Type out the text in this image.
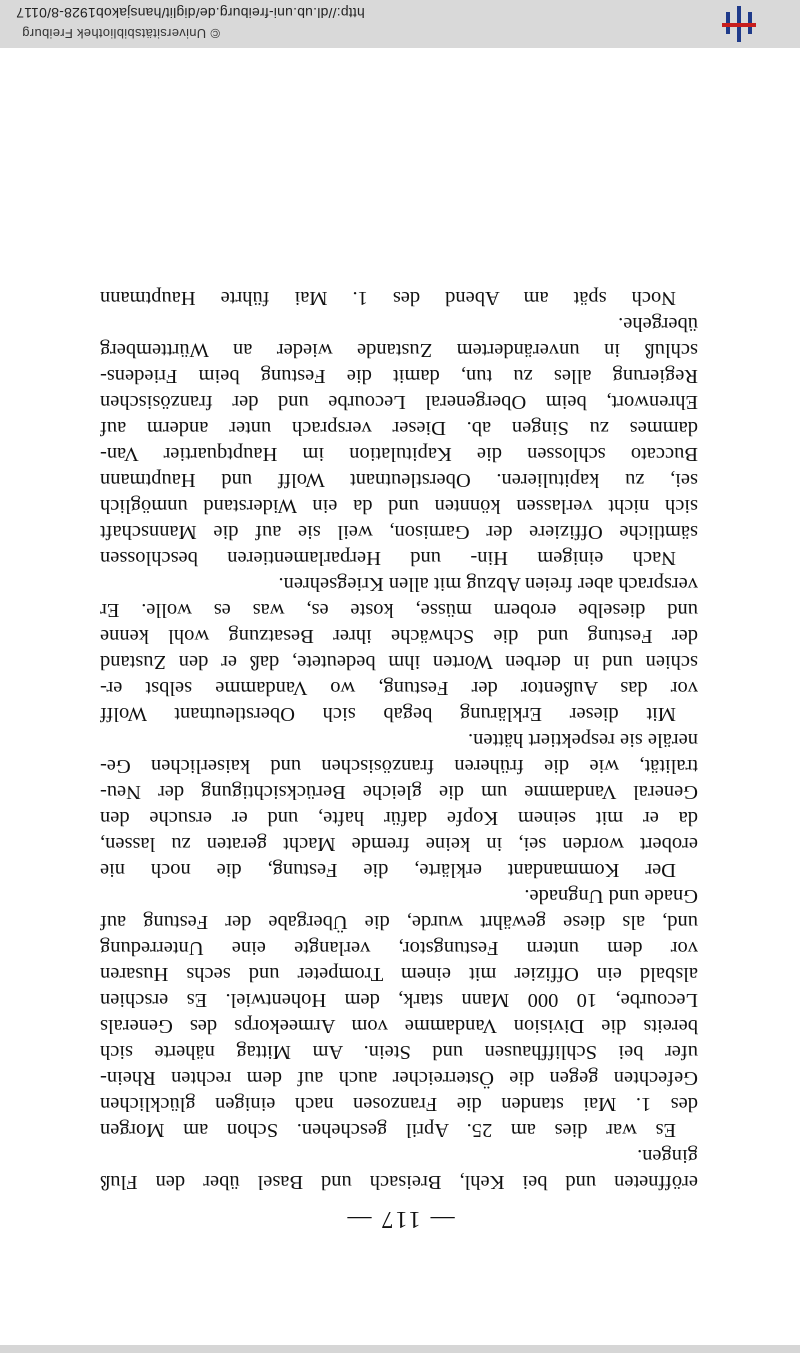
— 117 —
eröffneten und bei Kehl, Breisach und Basel über den Fluß
gingen.
Es war dies am 25. April geschehen. Schon am Morgen
des 1. Mai standen die Franzosen nach einigen glücklichen
Gefechten gegen die Österreicher auch auf dem rechten Rhein-
ufer bei Schliffhausen und Stein. Am Mittag näherte sich
bereits die Division Vandamme vom Armeekorps des Generals
Lecourbe, 10 000 Mann stark, dem Hohentwiel. Es erschien
alsbald ein Offizier mit einem Trompeter und sechs Husaren
vor dem untern Festungstor, verlangte eine Unterredung
und, als diese gewährt wurde, die Übergabe der Festung auf
Gnade und Ungnade.
Der Kommandant erklärte, die Festung, die noch nie
erobert worden sei, in keine fremde Macht geraten zu lassen,
da er mit seinem Kopfe dafür hafte, und er ersuche den
General Vandamme um die gleiche Berücksichtigung der Neu-
tralität, wie die früheren französischen und kaiserlichen Ge-
neräle sie respektiert hätten.
Mit dieser Erklärung begab sich Oberstleutnant Wolff
vor das Außentor der Festung, wo Vandamme selbst er-
schien und in derben Worten ihm bedeutete, daß er den Zustand
der Festung und die Schwäche ihrer Besatzung wohl kenne
und dieselbe erobern müsse, koste es, was es wolle. Er
versprach aber freien Abzug mit allen Kriegsehren.
Nach einigem Hin- und Herparlamentieren beschlossen
sämtliche Offiziere der Garnison, weil sie auf die Mannschaft
sich nicht verlassen könnten und da ein Widerstand unmöglich
sei, zu kapitulieren. Oberstleutnant Wolff und Hauptmann
Buccato schlossen die Kapitulation im Hauptquartier Van-
dammes zu Singen ab. Dieser versprach unter anderm auf
Ehrenwort, beim Obergeneral Lecourbe und der französischen
Regierung alles zu tun, damit die Festung beim Friedens-
schluß in unverändertem Zustande wieder an Württemberg
übergehe.
Noch spät am Abend des 1. Mai führte Hauptmann
© Universitätsbibliothek Freiburg
http://dl.ub.uni-freiburg.de/diglit/hansjakob1928-8/0117
